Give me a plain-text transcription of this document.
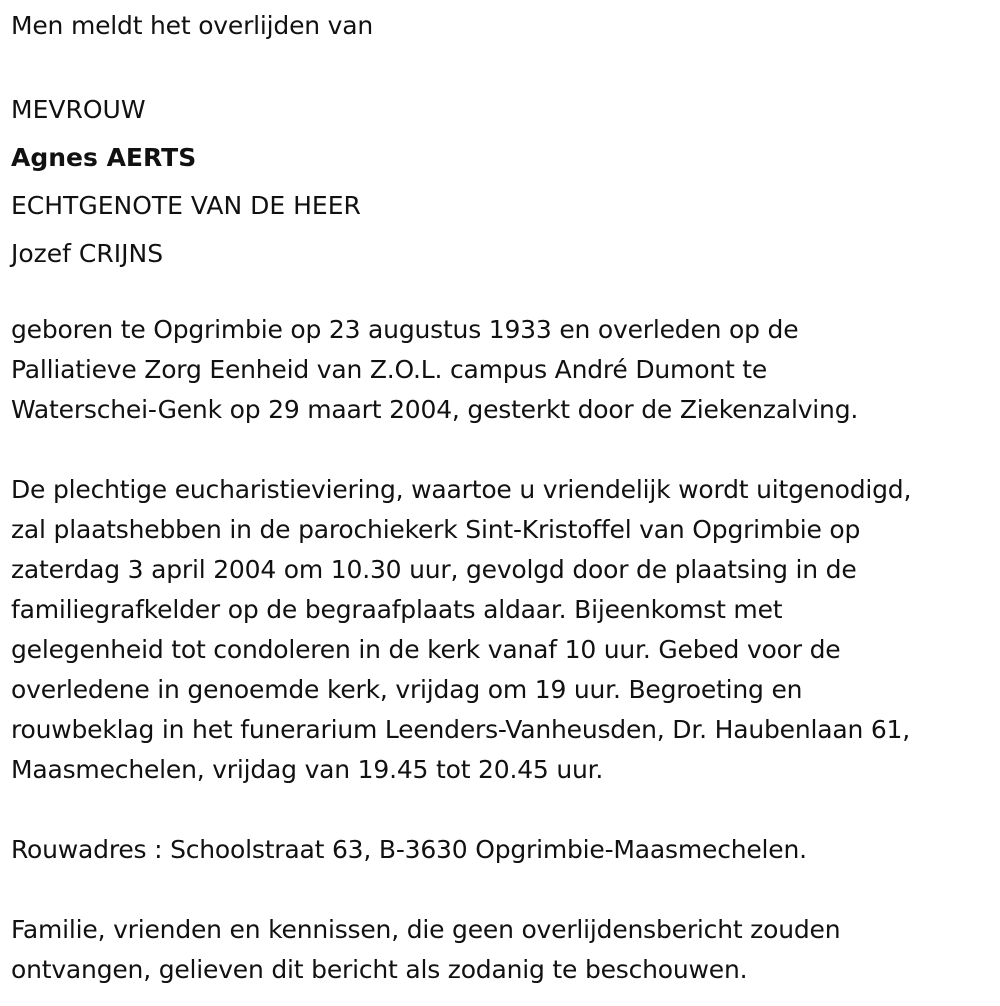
Men meldt het overlijden van

MEVROUW

Agnes AERTS

ECHTGENOTE VAN DE HEER

Jozef CRIJNS

geboren te Opgrimbie op 23 augustus 1933 en overleden op de

Palliatieve Zorg Eenheid van Z.O.L. campus André Dumont te

Waterschei-Genk op 29 maart 2004, gesterkt door de Ziekenzalving.

De plechtige eucharistieviering, waartoe u vriendelijk wordt uitgenodigd,

zal plaatshebben in de parochiekerk Sint-Kristoffel van Opgrimbie op

zaterdag 3 april 2004 om 10.30 uur, gevolgd door de plaatsing in de

familiegrafkelder op de begraafplaats aldaar. Bijeenkomst met

gelegenheid tot condoleren in de kerk vanaf 10 uur. Gebed voor de

overledene in genoemde kerk, vrijdag om 19 uur. Begroeting en

rouwbeklag in het funerarium Leenders-Vanheusden, Dr. Haubenlaan 61,

Maasmechelen, vrijdag van 19.45 tot 20.45 uur.

Rouwadres : Schoolstraat 63, B-3630 Opgrimbie-Maasmechelen.

Familie, vrienden en kennissen, die geen overlijdensbericht zouden

ontvangen, gelieven dit bericht als zodanig te beschouwen.
